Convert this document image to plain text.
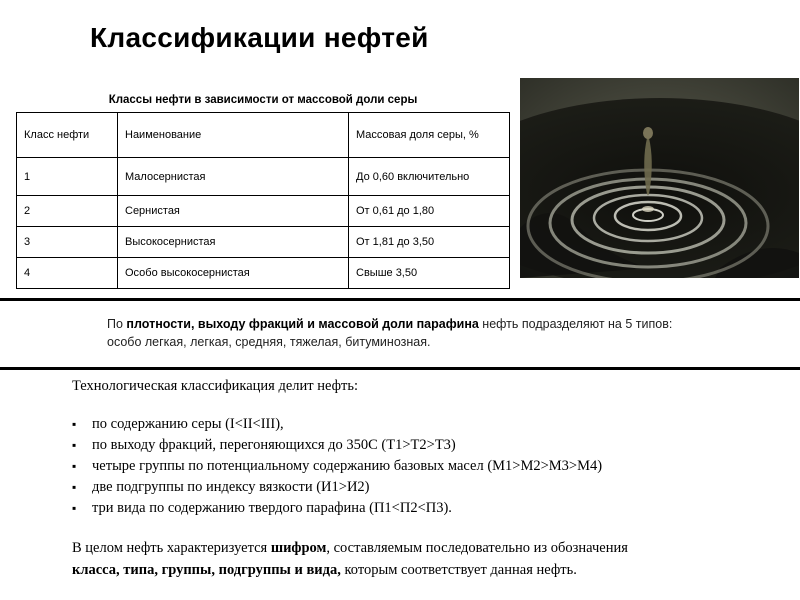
Классификации нефтей
Классы нефти в зависимости от массовой доли серы
Класс нефти	Наименование	Массовая доля серы, %
1	Малосернистая	До 0,60 включительно
2	Сернистая	От 0,61 до 1,80
3	Высокосернистая	От 1,81 до 3,50
4	Особо высокосернистая	Свыше 3,50
По плотности, выходу фракций и массовой доли парафина нефть подразделяют на 5 типов:
особо легкая, легкая, средняя, тяжелая, битуминозная.
Технологическая классификация делит нефть:
▪ по содержанию серы (I<II<III),
▪ по выходу фракций, перегоняющихся до 350С (T1>T2>T3)
▪ четыре группы по потенциальному содержанию базовых масел (М1>М2>М3>М4)
▪ две подгруппы по индексу вязкости (И1>И2)
▪ три вида по содержанию твердого парафина (П1<П2<П3).
В целом нефть характеризуется шифром, составляемым последовательно из обозначения
класса, типа, группы, подгруппы и вида, которым соответствует данная нефть.
